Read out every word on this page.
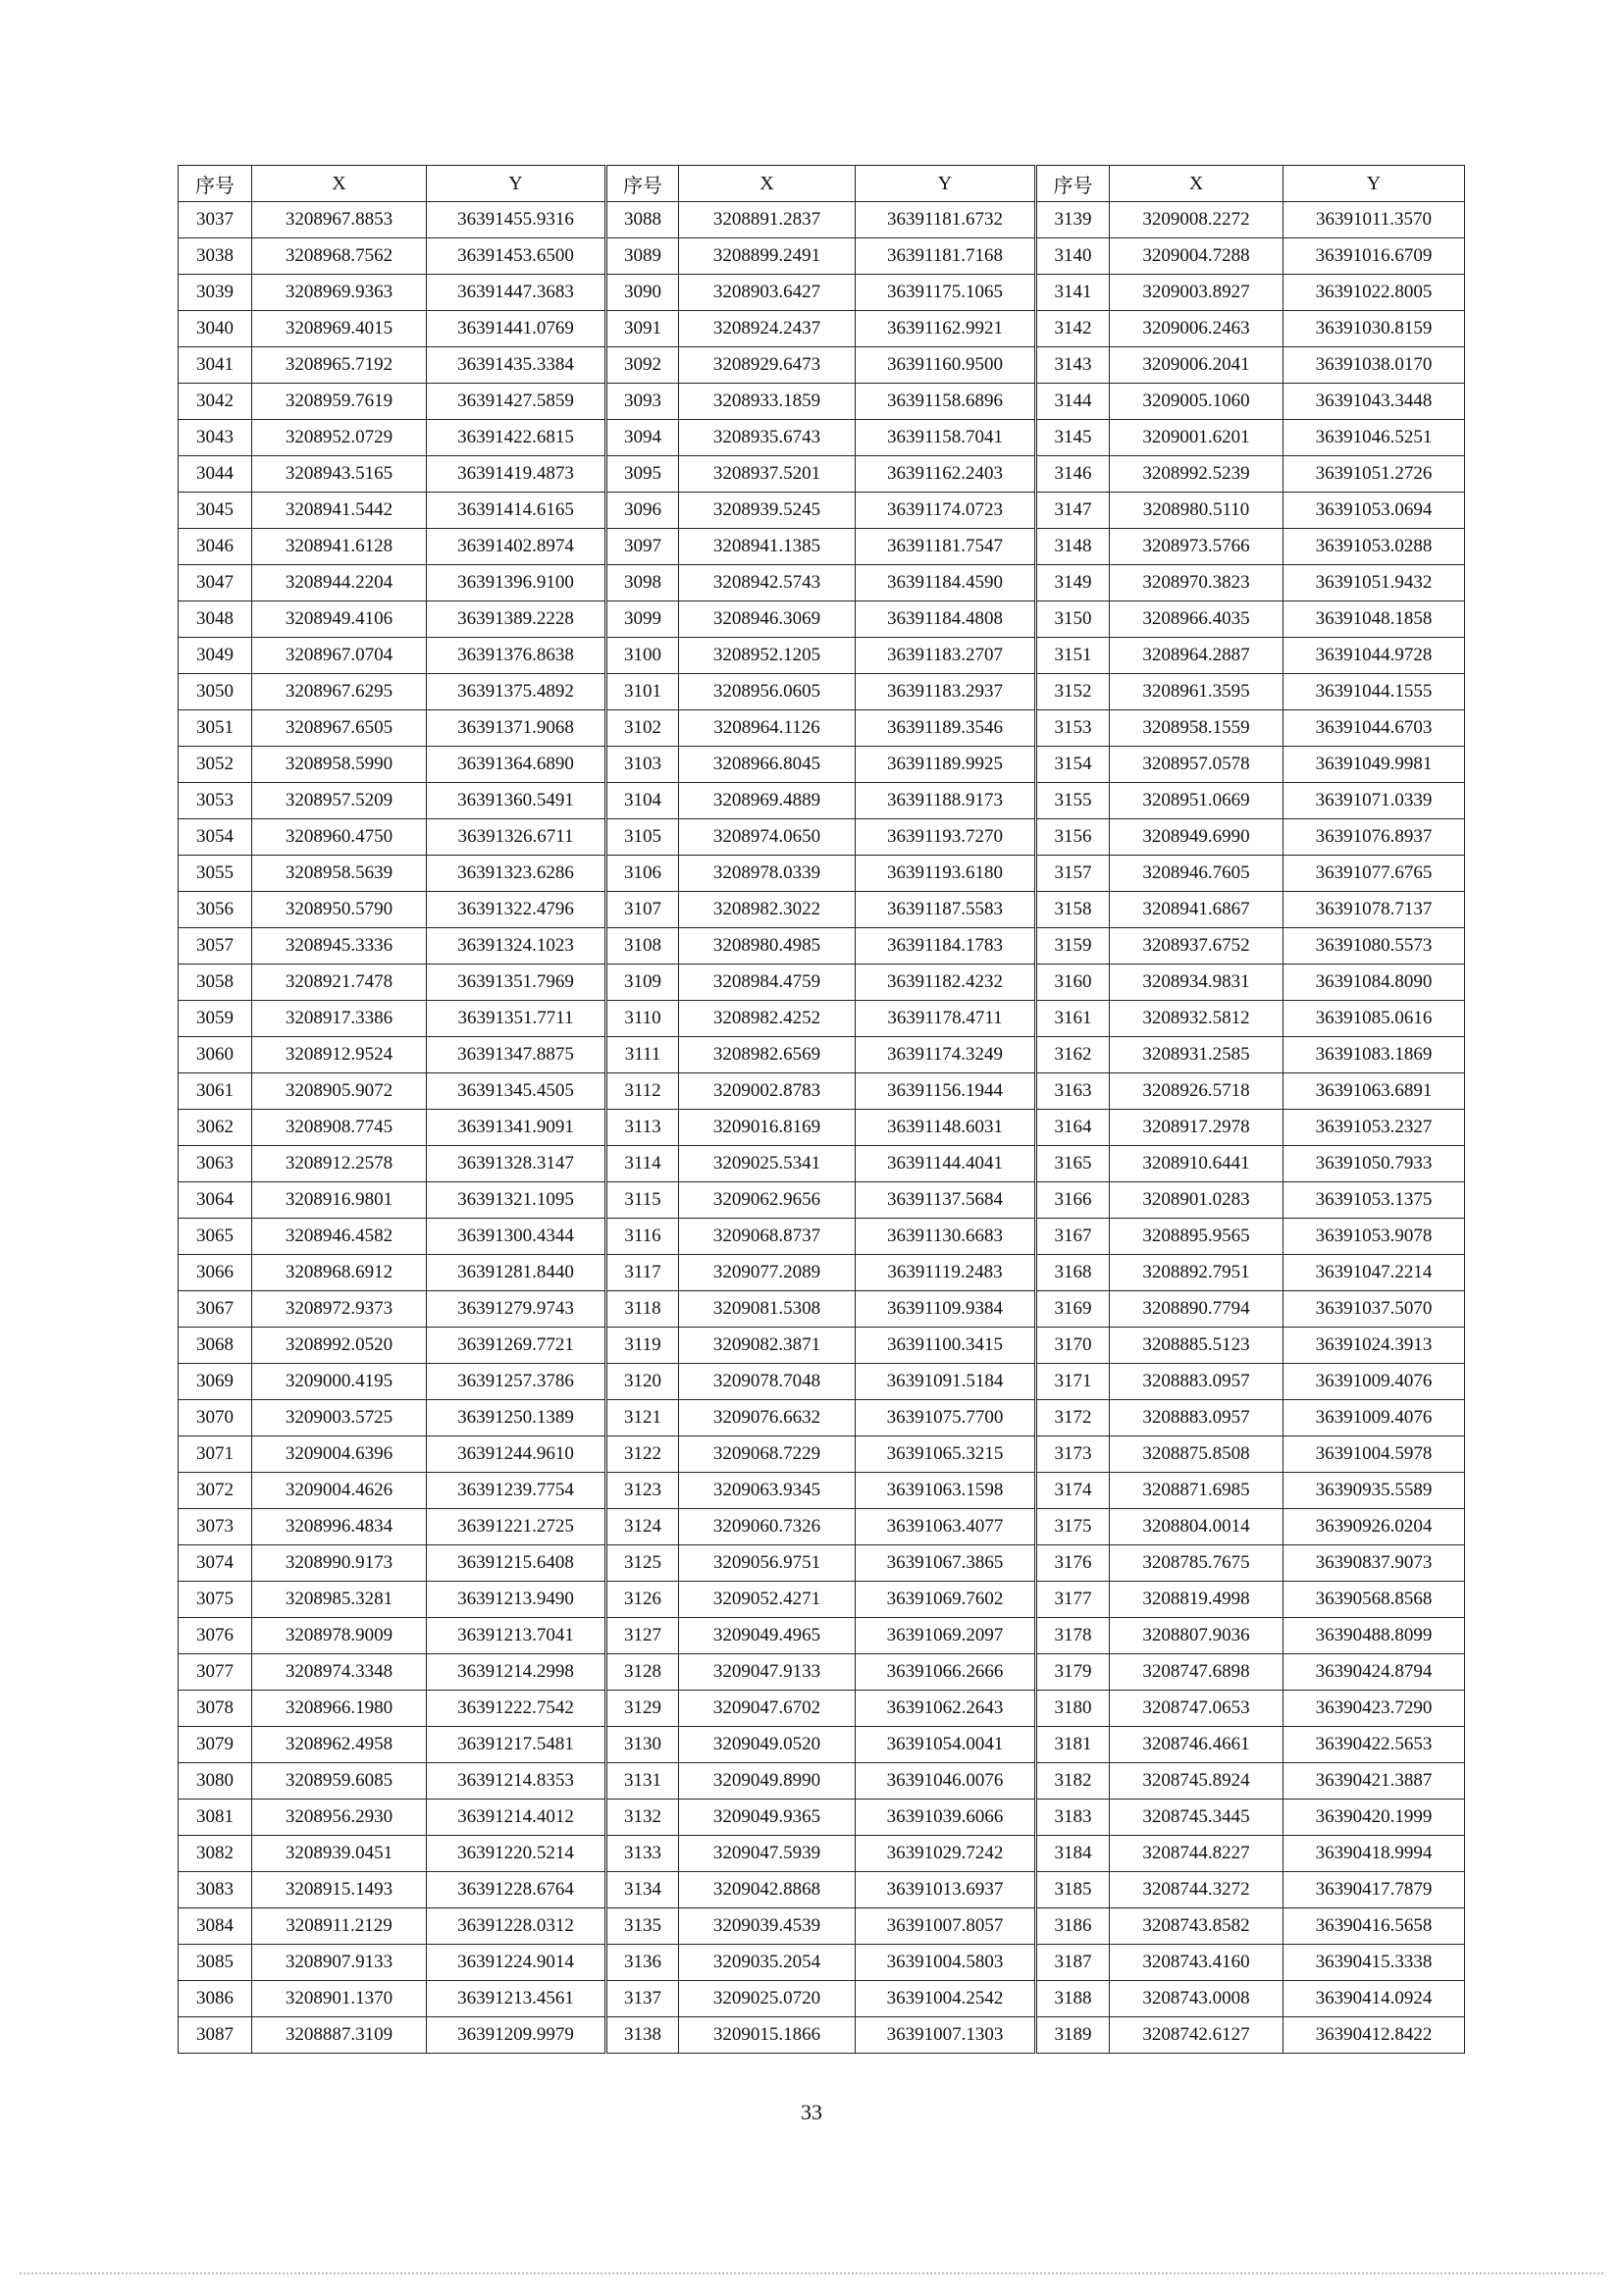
序号	X	Y	序号	X	Y	序号	X	Y
3037	3208967.8853	36391455.9316	3088	3208891.2837	36391181.6732	3139	3209008.2272	36391011.3570
3038	3208968.7562	36391453.6500	3089	3208899.2491	36391181.7168	3140	3209004.7288	36391016.6709
3039	3208969.9363	36391447.3683	3090	3208903.6427	36391175.1065	3141	3209003.8927	36391022.8005
3040	3208969.4015	36391441.0769	3091	3208924.2437	36391162.9921	3142	3209006.2463	36391030.8159
3041	3208965.7192	36391435.3384	3092	3208929.6473	36391160.9500	3143	3209006.2041	36391038.0170
3042	3208959.7619	36391427.5859	3093	3208933.1859	36391158.6896	3144	3209005.1060	36391043.3448
3043	3208952.0729	36391422.6815	3094	3208935.6743	36391158.7041	3145	3209001.6201	36391046.5251
3044	3208943.5165	36391419.4873	3095	3208937.5201	36391162.2403	3146	3208992.5239	36391051.2726
3045	3208941.5442	36391414.6165	3096	3208939.5245	36391174.0723	3147	3208980.5110	36391053.0694
3046	3208941.6128	36391402.8974	3097	3208941.1385	36391181.7547	3148	3208973.5766	36391053.0288
3047	3208944.2204	36391396.9100	3098	3208942.5743	36391184.4590	3149	3208970.3823	36391051.9432
3048	3208949.4106	36391389.2228	3099	3208946.3069	36391184.4808	3150	3208966.4035	36391048.1858
3049	3208967.0704	36391376.8638	3100	3208952.1205	36391183.2707	3151	3208964.2887	36391044.9728
3050	3208967.6295	36391375.4892	3101	3208956.0605	36391183.2937	3152	3208961.3595	36391044.1555
3051	3208967.6505	36391371.9068	3102	3208964.1126	36391189.3546	3153	3208958.1559	36391044.6703
3052	3208958.5990	36391364.6890	3103	3208966.8045	36391189.9925	3154	3208957.0578	36391049.9981
3053	3208957.5209	36391360.5491	3104	3208969.4889	36391188.9173	3155	3208951.0669	36391071.0339
3054	3208960.4750	36391326.6711	3105	3208974.0650	36391193.7270	3156	3208949.6990	36391076.8937
3055	3208958.5639	36391323.6286	3106	3208978.0339	36391193.6180	3157	3208946.7605	36391077.6765
3056	3208950.5790	36391322.4796	3107	3208982.3022	36391187.5583	3158	3208941.6867	36391078.7137
3057	3208945.3336	36391324.1023	3108	3208980.4985	36391184.1783	3159	3208937.6752	36391080.5573
3058	3208921.7478	36391351.7969	3109	3208984.4759	36391182.4232	3160	3208934.9831	36391084.8090
3059	3208917.3386	36391351.7711	3110	3208982.4252	36391178.4711	3161	3208932.5812	36391085.0616
3060	3208912.9524	36391347.8875	3111	3208982.6569	36391174.3249	3162	3208931.2585	36391083.1869
3061	3208905.9072	36391345.4505	3112	3209002.8783	36391156.1944	3163	3208926.5718	36391063.6891
3062	3208908.7745	36391341.9091	3113	3209016.8169	36391148.6031	3164	3208917.2978	36391053.2327
3063	3208912.2578	36391328.3147	3114	3209025.5341	36391144.4041	3165	3208910.6441	36391050.7933
3064	3208916.9801	36391321.1095	3115	3209062.9656	36391137.5684	3166	3208901.0283	36391053.1375
3065	3208946.4582	36391300.4344	3116	3209068.8737	36391130.6683	3167	3208895.9565	36391053.9078
3066	3208968.6912	36391281.8440	3117	3209077.2089	36391119.2483	3168	3208892.7951	36391047.2214
3067	3208972.9373	36391279.9743	3118	3209081.5308	36391109.9384	3169	3208890.7794	36391037.5070
3068	3208992.0520	36391269.7721	3119	3209082.3871	36391100.3415	3170	3208885.5123	36391024.3913
3069	3209000.4195	36391257.3786	3120	3209078.7048	36391091.5184	3171	3208883.0957	36391009.4076
3070	3209003.5725	36391250.1389	3121	3209076.6632	36391075.7700	3172	3208883.0957	36391009.4076
3071	3209004.6396	36391244.9610	3122	3209068.7229	36391065.3215	3173	3208875.8508	36391004.5978
3072	3209004.4626	36391239.7754	3123	3209063.9345	36391063.1598	3174	3208871.6985	36390935.5589
3073	3208996.4834	36391221.2725	3124	3209060.7326	36391063.4077	3175	3208804.0014	36390926.0204
3074	3208990.9173	36391215.6408	3125	3209056.9751	36391067.3865	3176	3208785.7675	36390837.9073
3075	3208985.3281	36391213.9490	3126	3209052.4271	36391069.7602	3177	3208819.4998	36390568.8568
3076	3208978.9009	36391213.7041	3127	3209049.4965	36391069.2097	3178	3208807.9036	36390488.8099
3077	3208974.3348	36391214.2998	3128	3209047.9133	36391066.2666	3179	3208747.6898	36390424.8794
3078	3208966.1980	36391222.7542	3129	3209047.6702	36391062.2643	3180	3208747.0653	36390423.7290
3079	3208962.4958	36391217.5481	3130	3209049.0520	36391054.0041	3181	3208746.4661	36390422.5653
3080	3208959.6085	36391214.8353	3131	3209049.8990	36391046.0076	3182	3208745.8924	36390421.3887
3081	3208956.2930	36391214.4012	3132	3209049.9365	36391039.6066	3183	3208745.3445	36390420.1999
3082	3208939.0451	36391220.5214	3133	3209047.5939	36391029.7242	3184	3208744.8227	36390418.9994
3083	3208915.1493	36391228.6764	3134	3209042.8868	36391013.6937	3185	3208744.3272	36390417.7879
3084	3208911.2129	36391228.0312	3135	3209039.4539	36391007.8057	3186	3208743.8582	36390416.5658
3085	3208907.9133	36391224.9014	3136	3209035.2054	36391004.5803	3187	3208743.4160	36390415.3338
3086	3208901.1370	36391213.4561	3137	3209025.0720	36391004.2542	3188	3208743.0008	36390414.0924
3087	3208887.3109	36391209.9979	3138	3209015.1866	36391007.1303	3189	3208742.6127	36390412.8422
33
